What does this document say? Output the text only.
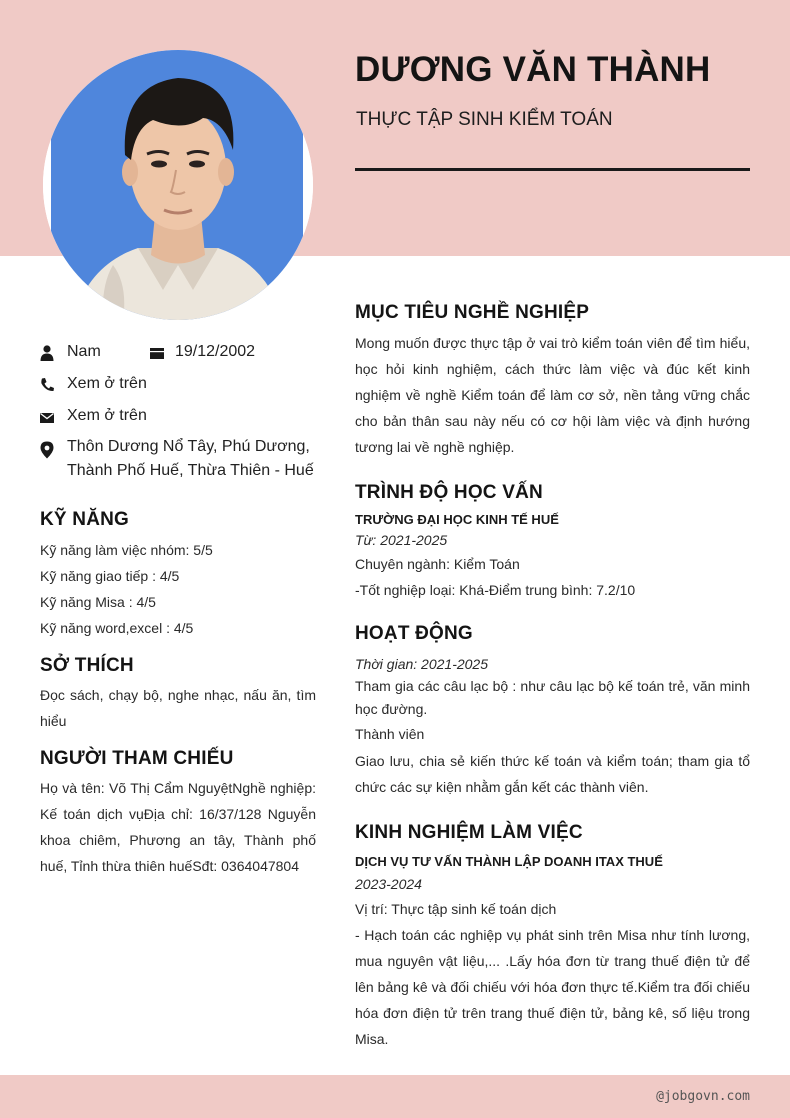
DƯƠNG VĂN THÀNH
THỰC TẬP SINH KIỂM TOÁN
Nam	19/12/2002
Xem ở trên
Xem ở trên
Thôn Dương Nổ Tây, Phú Dương, Thành Phố Huế, Thừa Thiên - Huế
KỸ NĂNG
Kỹ năng làm việc nhóm: 5/5
Kỹ năng giao tiếp : 4/5
Kỹ năng Misa : 4/5
Kỹ năng word,excel : 4/5
SỞ THÍCH
Đọc sách, chạy bộ, nghe nhạc, nấu ăn, tìm hiểu
NGƯỜI THAM CHIẾU
Họ và tên: Võ Thị Cẩm NguyệtNghề nghiệp: Kế toán dịch vụĐịa chỉ: 16/37/128 Nguyễn khoa chiêm, Phương an tây, Thành phố huế, Tỉnh thừa thiên huếSđt: 0364047804
MỤC TIÊU NGHỀ NGHIỆP
Mong muốn được thực tập ở vai trò kiểm toán viên để tìm hiểu, học hỏi kinh nghiệm, cách thức làm việc và đúc kết kinh nghiệm về nghề Kiểm toán để làm cơ sở, nền tảng vững chắc cho bản thân sau này nếu có cơ hội làm việc và định hướng tương lai về nghề nghiệp.
TRÌNH ĐỘ HỌC VẤN
TRƯỜNG ĐẠI HỌC KINH TẾ HUẾ
Từ: 2021-2025
Chuyên ngành: Kiểm Toán
-Tốt nghiệp loại: Khá-Điểm trung bình: 7.2/10
HOẠT ĐỘNG
Thời gian: 2021-2025
Tham gia các câu lạc bộ : như câu lạc bộ kế toán trẻ, văn minh học đường.
Thành viên
Giao lưu, chia sẻ kiến thức kế toán và kiểm toán; tham gia tổ chức các sự kiện nhằm gắn kết các thành viên.
KINH NGHIỆM LÀM VIỆC
DỊCH VỤ TƯ VẤN THÀNH LẬP DOANH ITAX THUẾ
2023-2024
Vị trí: Thực tập sinh kế toán dịch
- Hạch toán các nghiệp vụ phát sinh trên Misa như tính lương, mua nguyên vật liệu,... .Lấy hóa đơn từ trang thuế điện tử để lên bảng kê và đối chiếu với hóa đơn thực tế.Kiểm tra đối chiếu hóa đơn điện tử trên trang thuế điện tử, bảng kê, số liệu trong Misa.
@jobgovn.com
